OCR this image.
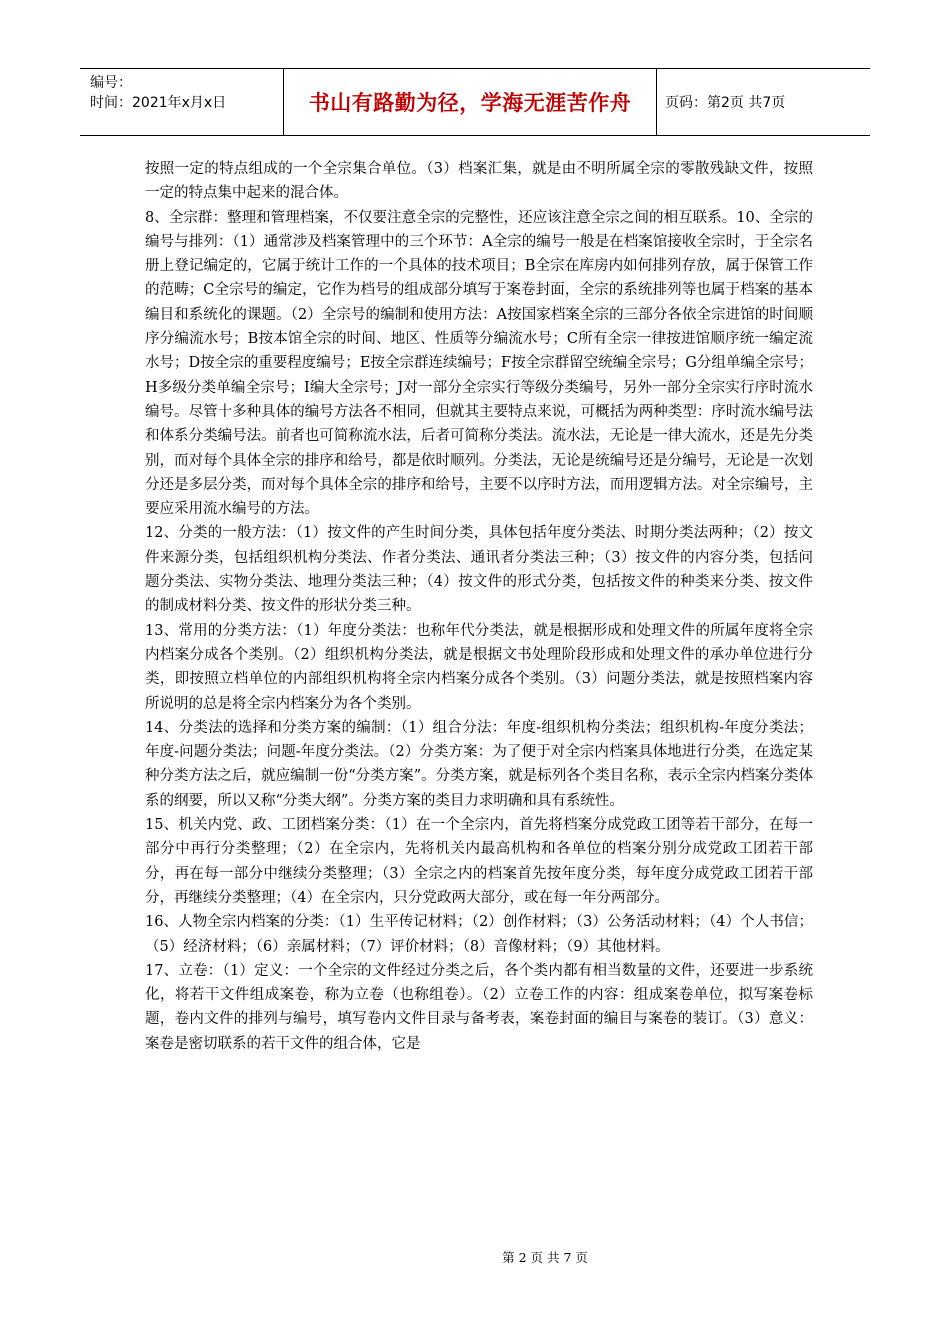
编号：
时间：2021年x月x日	书山有路勤为径，学海无涯苦作舟 页码：第2页 共7页

按照一定的特点组成的一个全宗集合单位。（3）档案汇集，就是由不明所属全宗的零散残缺文件，按照一定的特点集中起来的混合体。

8、全宗群：整理和管理档案，不仅要注意全宗的完整性，还应该注意全宗之间的相互联系。10、全宗的编号与排列：（1）通常涉及档案管理中的三个环节：A全宗的编号一般是在档案馆接收全宗时，于全宗名册上登记编定的，它属于统计工作的一个具体的技术项目；B全宗在库房内如何排列存放，属于保管工作的范畴；C全宗号的编定，它作为档号的组成部分填写于案卷封面，全宗的系统排列等也属于档案的基本编目和系统化的课题。（2）全宗号的编制和使用方法：A按国家档案全宗的三部分各依全宗进馆的时间顺序分编流水号；B按本馆全宗的时间、地区、性质等分编流水号；C所有全宗一律按进馆顺序统一编定流水号；D按全宗的重要程度编号；E按全宗群连续编号；F按全宗群留空统编全宗号；G分组单编全宗号；H多级分类单编全宗号；I编大全宗号；J对一部分全宗实行等级分类编号，另外一部分全宗实行序时流水编号。尽管十多种具体的编号方法各不相同，但就其主要特点来说，可概括为两种类型：序时流水编号法和体系分类编号法。前者也可简称流水法，后者可简称分类法。流水法，无论是一律大流水，还是先分类别，而对每个具体全宗的排序和给号，都是依时顺列。分类法，无论是统编号还是分编号，无论是一次划分还是多层分类，而对每个具体全宗的排序和给号，主要不以序时方法，而用逻辑方法。对全宗编号，主要应采用流水编号的方法。

12、分类的一般方法：（1）按文件的产生时间分类，具体包括年度分类法、时期分类法两种；（2）按文件来源分类，包括组织机构分类法、作者分类法、通讯者分类法三种；（3）按文件的内容分类，包括问题分类法、实物分类法、地理分类法三种；（4）按文件的形式分类，包括按文件的种类来分类、按文件的制成材料分类、按文件的形状分类三种。

13、常用的分类方法：（1）年度分类法：也称年代分类法，就是根据形成和处理文件的所属年度将全宗内档案分成各个类别。（2）组织机构分类法，就是根据文书处理阶段形成和处理文件的承办单位进行分类，即按照立档单位的内部组织机构将全宗内档案分成各个类别。（3）问题分类法，就是按照档案内容所说明的总是将全宗内档案分为各个类别。

14、分类法的选择和分类方案的编制：（1）组合分法：年度-组织机构分类法；组织机构-年度分类法；年度-问题分类法；问题-年度分类法。（2）分类方案：为了便于对全宗内档案具体地进行分类，在选定某种分类方法之后，就应编制一份“分类方案”。分类方案，就是标列各个类目名称，表示全宗内档案分类体系的纲要，所以又称“分类大纲”。分类方案的类目力求明确和具有系统性。

15、机关内党、政、工团档案分类：（1）在一个全宗内，首先将档案分成党政工团等若干部分，在每一部分中再行分类整理；（2）在全宗内，先将机关内最高机构和各单位的档案分别分成党政工团若干部分，再在每一部分中继续分类整理；（3）全宗之内的档案首先按年度分类，每年度分成党政工团若干部分，再继续分类整理；（4）在全宗内，只分党政两大部分，或在每一年分两部分。

16、人物全宗内档案的分类：（1）生平传记材料；（2）创作材料；（3）公务活动材料；（4）个人书信；（5）经济材料；（6）亲属材料；（7）评价材料；（8）音像材料；（9）其他材料。

17、立卷：（1）定义：一个全宗的文件经过分类之后，各个类内都有相当数量的文件，还要进一步系统化，将若干文件组成案卷，称为立卷（也称组卷）。（2）立卷工作的内容：组成案卷单位，拟写案卷标题，卷内文件的排列与编号，填写卷内文件目录与备考表，案卷封面的编目与案卷的装订。（3）意义：案卷是密切联系的若干文件的组合体，它是

第 2 页 共 7 页
